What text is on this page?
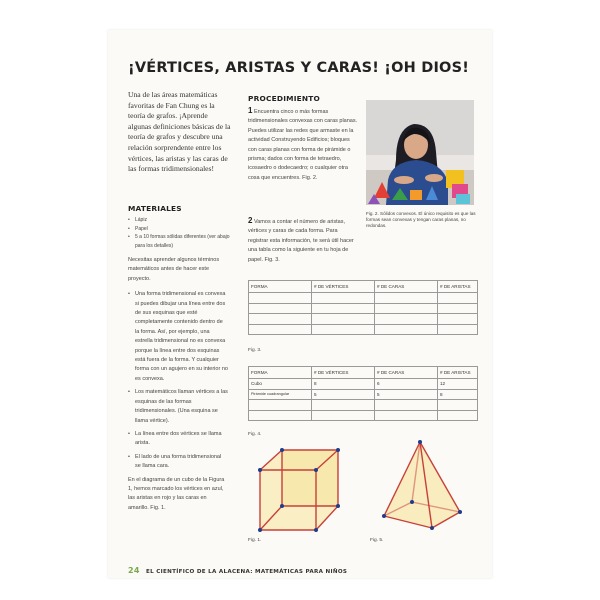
¡VÉRTICES, ARISTAS Y CARAS! ¡OH DIOS!
Una de las áreas matemáticas favoritas de Fan Chung es la teoría de grafos. ¡Aprende algunas definiciones básicas de la teoría de grafos y descubre una relación sorprendente entre los vértices, las aristas y las caras de las formas tridimensionales!
MATERIALES
• Lápiz
• Papel
• 5 a 10 formas sólidas diferentes (ver abajo para los detalles)
Necesitas aprender algunos términos matemáticos antes de hacer este proyecto.
• Una forma tridimensional es convexa si puedes dibujar una línea entre dos de sus esquinas que esté completamente contenido dentro de la forma. Así, por ejemplo, una estrella tridimensional no es convexa porque la línea entre dos esquinas está fuera de la forma. Y cualquier forma con un agujero en su interior no es convexa.
• Los matemáticos llaman vértices a las esquinas de las formas tridimensionales. (Una esquina se llama vértice).
• La línea entre dos vértices se llama arista.
• El lado de una forma tridimensional se llama cara.
En el diagrama de un cubo de la Figura 1, hemos marcado los vértices en azul, las aristas en rojo y las caras en amarillo. Fig. 1.
PROCEDIMIENTO
1 Encuentra cinco o más formas tridimensionales convexas con caras planas. Puedes utilizar las redes que armaste en la actividad Construyendo Edificios; bloques con caras planas con forma de pirámide o prisma; dados con forma de tetraedro, icosaedro o dodecaedro; o cualquier otra cosa que encuentres. Fig. 2.
2 Vamos a contar el número de aristas, vértices y caras de cada forma. Para registrar esta información, te será útil hacer una tabla como la siguiente en tu hoja de papel. Fig. 3.
Fig. 2. Sólidos convexos. El único requisito es que las formas sean convexas y tengan caras planas, no redondas.
FORMA	# DE VÉRTICES	# DE CARAS	# DE ARISTAS

Fig. 3.
FORMA	# DE VÉRTICES	# DE CARAS	# DE ARISTAS
Cubo	8	6	12
Pirámide cuadrangular	5	5	8

Fig. 4.
Fig. 1.	Fig. 5.
24 EL CIENTÍFICO DE LA ALACENA: MATEMÁTICAS PARA NIÑOS
